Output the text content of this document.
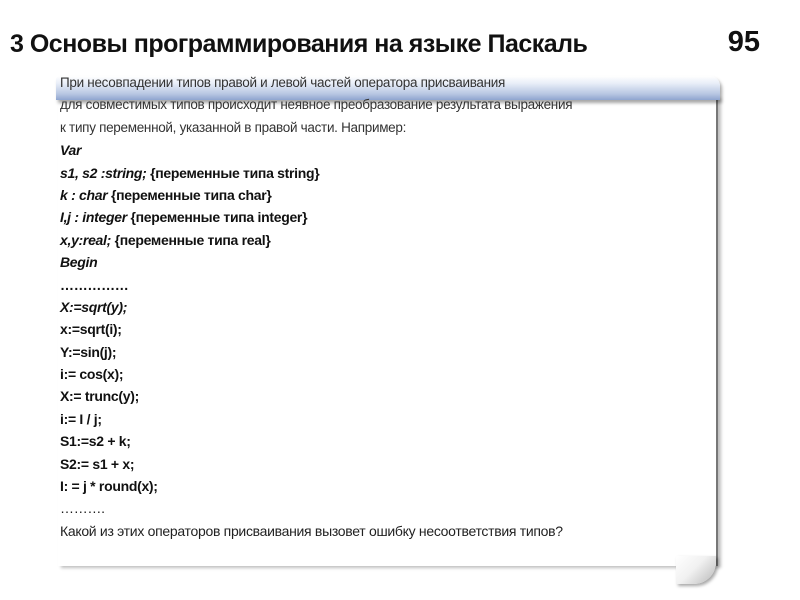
3 Основы программирования на языке Паскаль	95
При несовпадении типов правой и левой частей оператора присваивания
для совместимых типов происходит неявное преобразование результата выражения
к типу переменной, указанной в правой части. Например:
Var
s1, s2 :string; {переменные типа string}
k : char {переменные типа char}
I,j : integer {переменные типа integer}
x,y:real; {переменные типа real}
Begin
……………
X:=sqrt(y);
x:=sqrt(i);
Y:=sin(j);
i:= cos(x);
X:= trunc(y);
i:= I / j;
S1:=s2 + k;
S2:= s1 + x;
I: = j * round(x);
……….
Какой из этих операторов присваивания вызовет ошибку несоответствия типов?
